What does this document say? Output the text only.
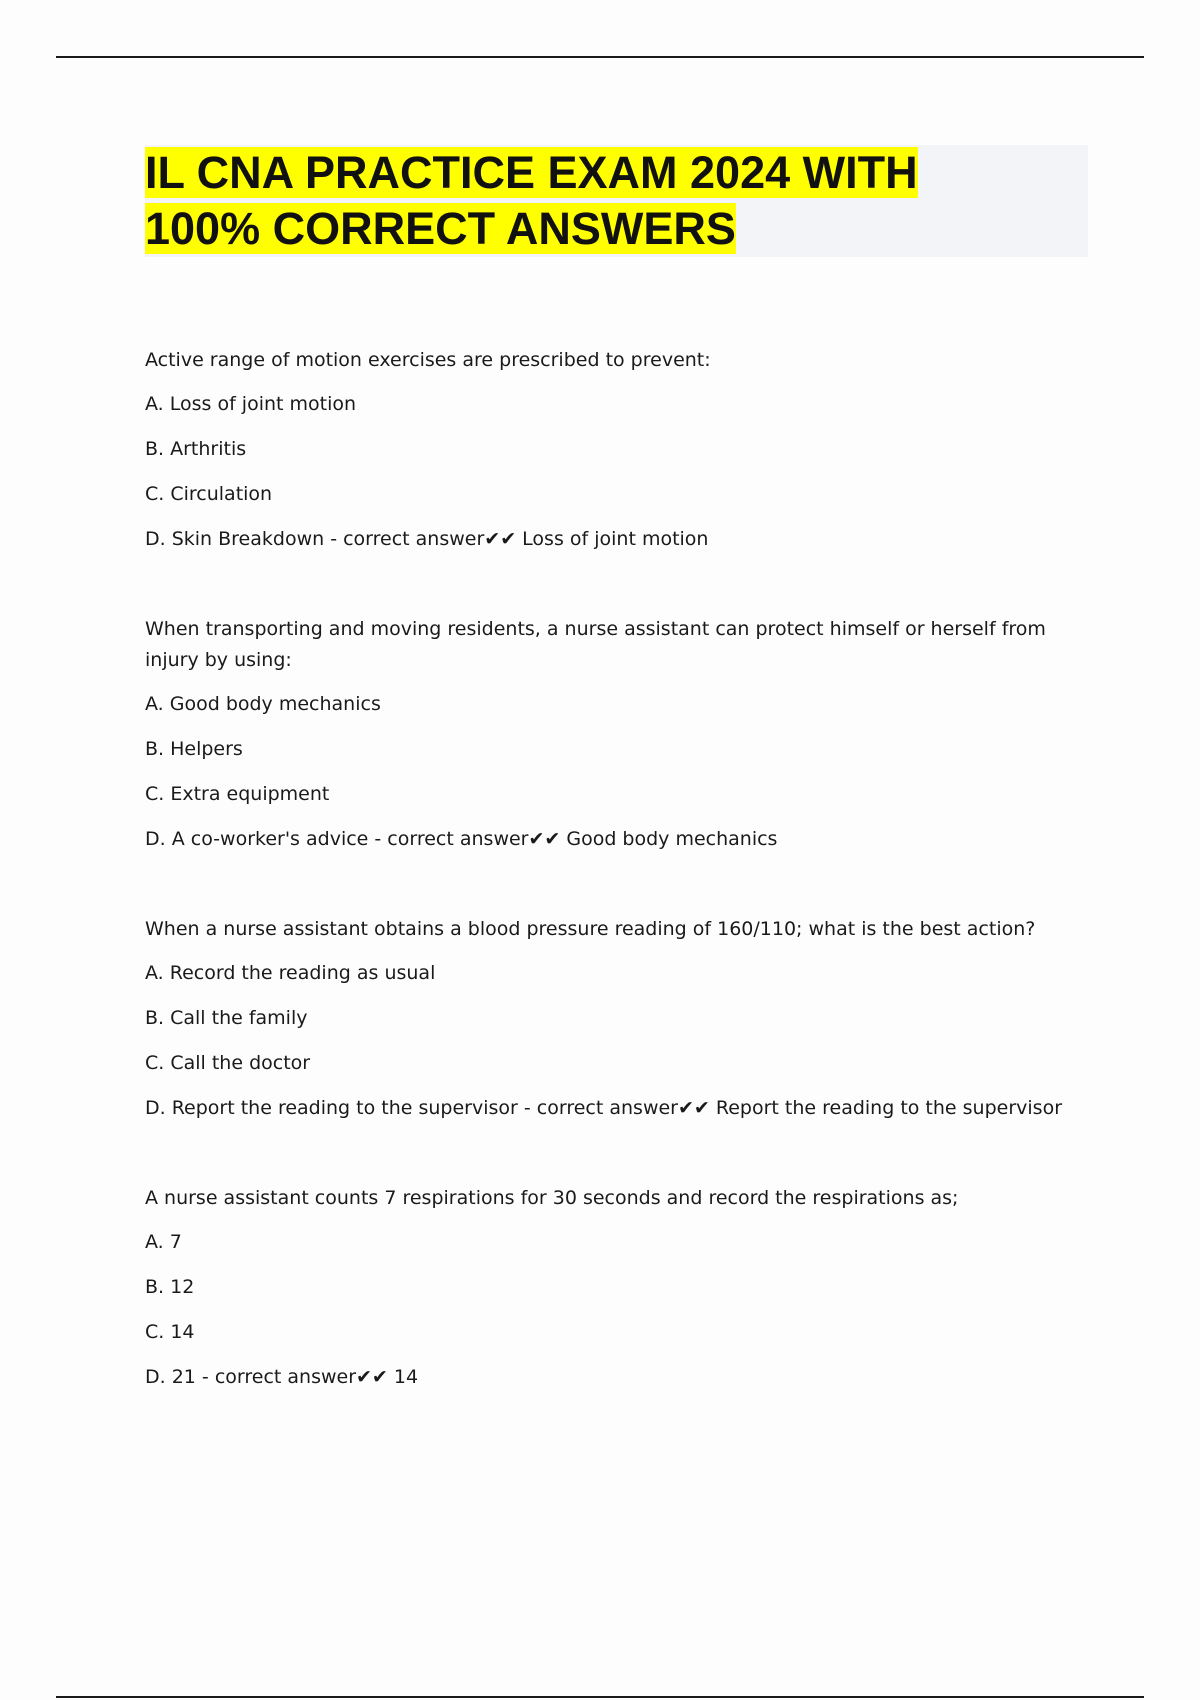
IL CNA PRACTICE EXAM 2024 WITH
100% CORRECT ANSWERS

Active range of motion exercises are prescribed to prevent:

A. Loss of joint motion

B. Arthritis

C. Circulation

D. Skin Breakdown - correct answer✔✔ Loss of joint motion

When transporting and moving residents, a nurse assistant can protect himself or herself from injury by using:

A. Good body mechanics

B. Helpers

C. Extra equipment

D. A co-worker's advice - correct answer✔✔ Good body mechanics

When a nurse assistant obtains a blood pressure reading of 160/110; what is the best action?

A. Record the reading as usual

B. Call the family

C. Call the doctor

D. Report the reading to the supervisor - correct answer✔✔ Report the reading to the supervisor

A nurse assistant counts 7 respirations for 30 seconds and record the respirations as;

A. 7

B. 12

C. 14

D. 21 - correct answer✔✔ 14
